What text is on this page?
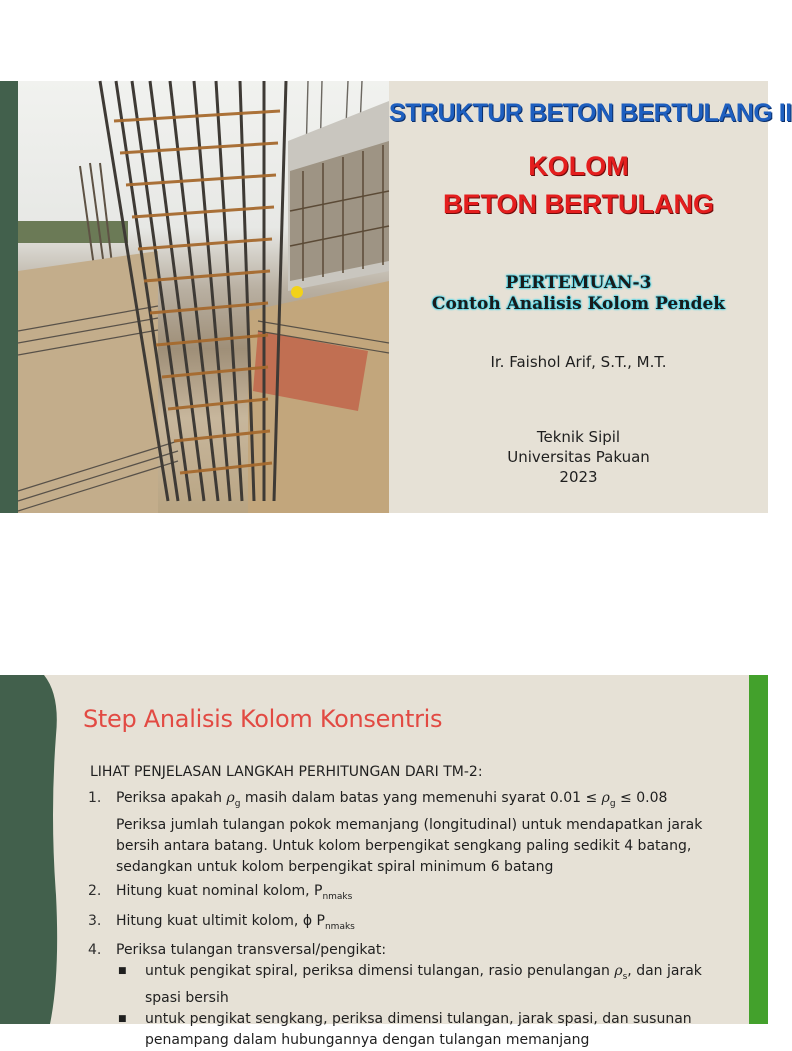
STRUKTUR BETON BERTULANG II
KOLOM
BETON BERTULANG
PERTEMUAN-3
Contoh Analisis Kolom Pendek
Ir. Faishol Arif, S.T., M.T.
Teknik Sipil
Universitas Pakuan
2023
Step Analisis Kolom Konsentris
LIHAT PENJELASAN LANGKAH PERHITUNGAN DARI TM-2:
1. Periksa apakah $\rho_g$ masih dalam batas yang memenuhi syarat $0.01 \le \rho_g \le 0.08$
Periksa jumlah tulangan pokok memanjang (longitudinal) untuk mendapatkan jarak
bersih antara batang. Untuk kolom berpengikat sengkang paling sedikit 4 batang,
sedangkan untuk kolom berpengikat spiral minimum 6 batang
2. Hitung kuat nominal kolom, $P_{nmaks}$
3. Hitung kuat ultimit kolom, ϕ $P_{nmaks}$
4. Periksa tulangan transversal/pengikat:
■ untuk pengikat spiral, periksa dimensi tulangan, rasio penulangan $\rho_s$, dan jarak
spasi bersih
■ untuk pengikat sengkang, periksa dimensi tulangan, jarak spasi, dan susunan
penampang dalam hubungannya dengan tulangan memanjang
